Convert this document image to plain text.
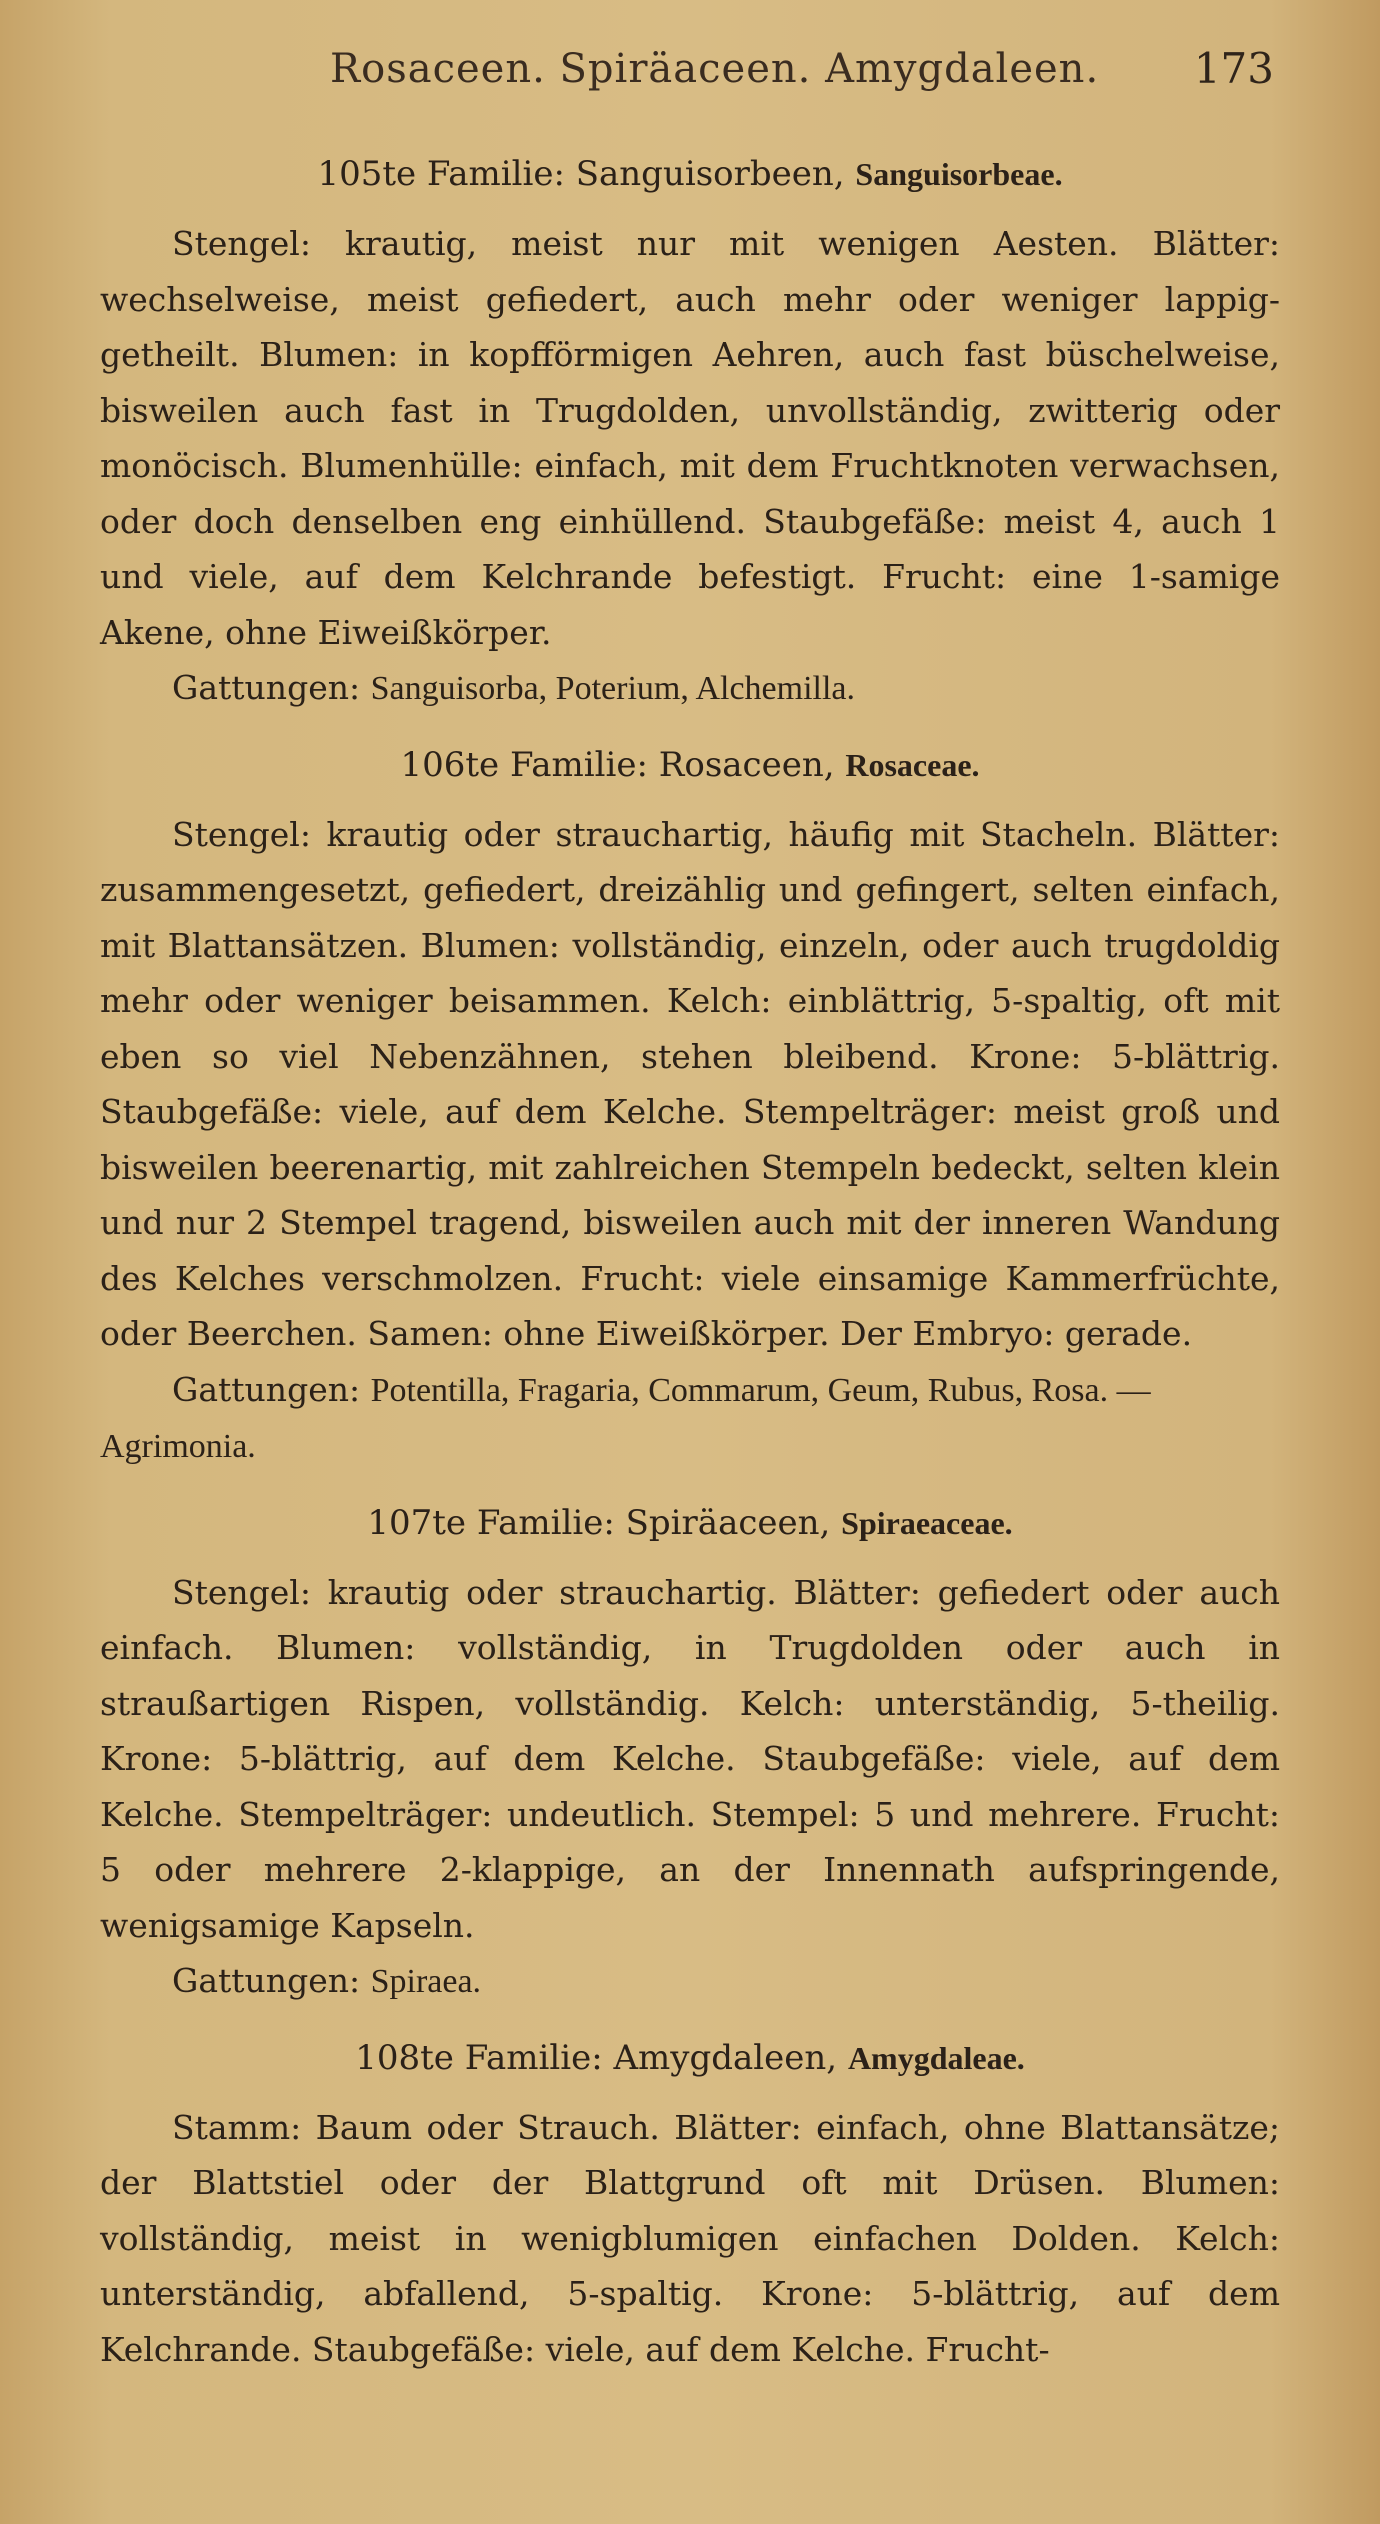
Rosaceen. Spiräaceen. Amygdaleen. 173
105te Familie: Sanguisorbeen, Sanguisorbeae.

Stengel: krautig, meist nur mit wenigen Aesten. Blätter: wechselweise, meist gefiedert, auch mehr oder weniger lappig-getheilt. Blumen: in kopfförmigen Aehren, auch fast büschelweise, bisweilen auch fast in Trugdolden, unvollständig, zwitterig oder monöcisch. Blumenhülle: einfach, mit dem Fruchtknoten verwachsen, oder doch denselben eng einhüllend. Staubgefäße: meist 4, auch 1 und viele, auf dem Kelchrande befestigt. Frucht: eine 1-samige Akene, ohne Eiweißkörper.

Gattungen: Sanguisorba, Poterium, Alchemilla.

106te Familie: Rosaceen, Rosaceae.

Stengel: krautig oder strauchartig, häufig mit Stacheln. Blätter: zusammengesetzt, gefiedert, dreizählig und gefingert, selten einfach, mit Blattansätzen. Blumen: vollständig, einzeln, oder auch trugdoldig mehr oder weniger beisammen. Kelch: einblättrig, 5-spaltig, oft mit eben so viel Nebenzähnen, stehen bleibend. Krone: 5-blättrig. Staubgefäße: viele, auf dem Kelche. Stempelträger: meist groß und bisweilen beerenartig, mit zahlreichen Stempeln bedeckt, selten klein und nur 2 Stempel tragend, bisweilen auch mit der inneren Wandung des Kelches verschmolzen. Frucht: viele einsamige Kammerfrüchte, oder Beerchen. Samen: ohne Eiweißkörper. Der Embryo: gerade.

Gattungen: Potentilla, Fragaria, Commarum, Geum, Rubus, Rosa. — Agrimonia.

107te Familie: Spiräaceen, Spiraeaceae.

Stengel: krautig oder strauchartig. Blätter: gefiedert oder auch einfach. Blumen: vollständig, in Trugdolden oder auch in straußartigen Rispen, vollständig. Kelch: unterständig, 5-theilig. Krone: 5-blättrig, auf dem Kelche. Staubgefäße: viele, auf dem Kelche. Stempelträger: undeutlich. Stempel: 5 und mehrere. Frucht: 5 oder mehrere 2-klappige, an der Innennath aufspringende, wenigsamige Kapseln.

Gattungen: Spiraea.

108te Familie: Amygdaleen, Amygdaleae.

Stamm: Baum oder Strauch. Blätter: einfach, ohne Blattansätze; der Blattstiel oder der Blattgrund oft mit Drüsen. Blumen: vollständig, meist in wenigblumigen einfachen Dolden. Kelch: unterständig, abfallend, 5-spaltig. Krone: 5-blättrig, auf dem Kelchrande. Staubgefäße: viele, auf dem Kelche. Frucht-
